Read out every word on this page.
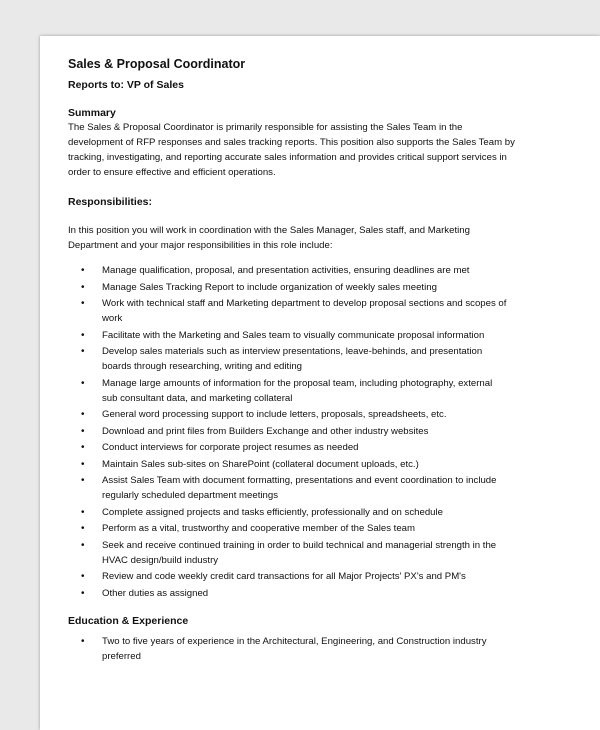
Sales & Proposal Coordinator

Reports to: VP of Sales

Summary

The Sales & Proposal Coordinator is primarily responsible for assisting the Sales Team in the

development of RFP responses and sales tracking reports. This position also supports the Sales Team by

tracking, investigating, and reporting accurate sales information and provides critical support services in

order to ensure effective and efficient operations.

Responsibilities:

In this position you will work in coordination with the Sales Manager, Sales staff, and Marketing

Department and your major responsibilities in this role include:

• Manage qualification, proposal, and presentation activities, ensuring deadlines are met
• Manage Sales Tracking Report to include organization of weekly sales meeting
• Work with technical staff and Marketing department to develop proposal sections and scopes of
work
• Facilitate with the Marketing and Sales team to visually communicate proposal information
• Develop sales materials such as interview presentations, leave-behinds, and presentation
boards through researching, writing and editing
• Manage large amounts of information for the proposal team, including photography, external
sub consultant data, and marketing collateral
• General word processing support to include letters, proposals, spreadsheets, etc.
• Download and print files from Builders Exchange and other industry websites
• Conduct interviews for corporate project resumes as needed
• Maintain Sales sub-sites on SharePoint (collateral document uploads, etc.)
• Assist Sales Team with document formatting, presentations and event coordination to include
regularly scheduled department meetings
• Complete assigned projects and tasks efficiently, professionally and on schedule
• Perform as a vital, trustworthy and cooperative member of the Sales team
• Seek and receive continued training in order to build technical and managerial strength in the
HVAC design/build industry
• Review and code weekly credit card transactions for all Major Projects' PX's and PM's
• Other duties as assigned

Education & Experience

• Two to five years of experience in the Architectural, Engineering, and Construction industry
preferred
